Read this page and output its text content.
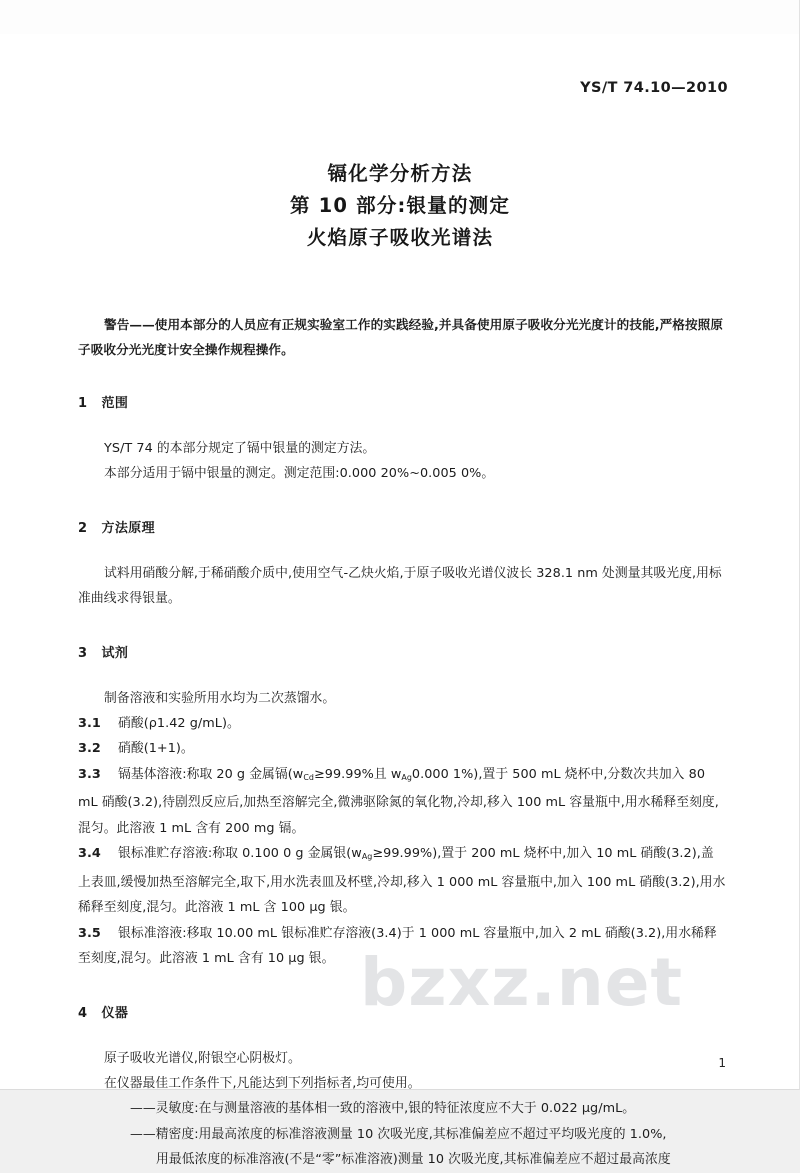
bzxz.net
YS/T 74.10—2010
镉化学分析方法
第 10 部分:银量的测定
火焰原子吸收光谱法
警告——使用本部分的人员应有正规实验室工作的实践经验,并具备使用原子吸收分光光度计的技能,严格按照原子吸收分光光度计安全操作规程操作。
1 范围
YS/T 74 的本部分规定了镉中银量的测定方法。
本部分适用于镉中银量的测定。测定范围:0.000 20%~0.005 0%。
2 方法原理
试料用硝酸分解,于稀硝酸介质中,使用空气-乙炔火焰,于原子吸收光谱仪波长 328.1 nm 处测量其吸光度,用标准曲线求得银量。
3 试剂
制备溶液和实验所用水均为二次蒸馏水。
3.1 硝酸(ρ1.42 g/mL)。
3.2 硝酸(1+1)。
3.3 镉基体溶液:称取 20 g 金属镉($w_{Cd}\ge 99.99\%$且 $w_{Ag}0.000$ 1%),置于 500 mL 烧杯中,分数次共加入 80 mL 硝酸(3.2),待剧烈反应后,加热至溶解完全,微沸驱除氮的氧化物,冷却,移入 100 mL 容量瓶中,用水稀释至刻度,混匀。此溶液 1 mL 含有 200 mg 镉。
3.4 银标准贮存溶液:称取 0.100 0 g 金属银$(w_{Ag}\ge 99.99\%)$,置于 200 mL 烧杯中,加入 10 mL 硝酸(3.2),盖上表皿,缓慢加热至溶解完全,取下,用水洗表皿及杯壁,冷却,移入 1 000 mL 容量瓶中,加入 100 mL 硝酸(3.2),用水稀释至刻度,混匀。此溶液 1 mL 含 100 μg 银。
3.5 银标准溶液:移取 10.00 mL 银标准贮存溶液(3.4)于 1 000 mL 容量瓶中,加入 2 mL 硝酸(3.2),用水稀释至刻度,混匀。此溶液 1 mL 含有 10 μg 银。
4 仪器
原子吸收光谱仪,附银空心阴极灯。
在仪器最佳工作条件下,凡能达到下列指标者,均可使用。
——灵敏度:在与测量溶液的基体相一致的溶液中,银的特征浓度应不大于 0.022 μg/mL。
——精密度:用最高浓度的标准溶液测量 10 次吸光度,其标准偏差应不超过平均吸光度的 1.0%,
用最低浓度的标准溶液(不是“零”标准溶液)测量 10 次吸光度,其标准偏差应不超过最高浓度
1
